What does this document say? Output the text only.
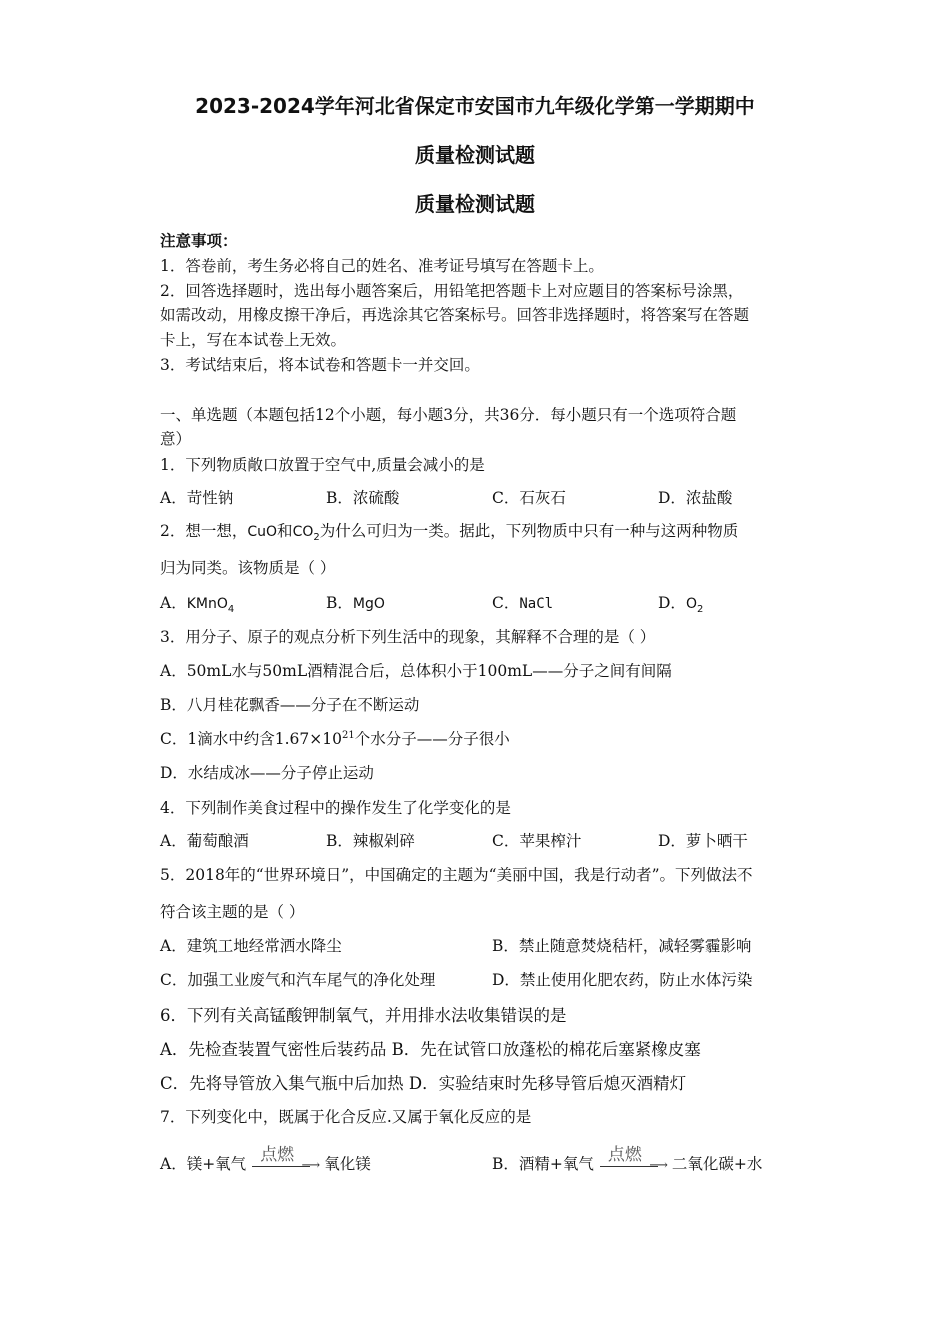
2023-2024学年河北省保定市安国市九年级化学第一学期期中
质量检测试题
质量检测试题
注意事项：
1．答卷前，考生务必将自己的姓名、准考证号填写在答题卡上。
2．回答选择题时，选出每小题答案后，用铅笔把答题卡上对应题目的答案标号涂黑，
如需改动，用橡皮擦干净后，再选涂其它答案标号。回答非选择题时，将答案写在答题
卡上，写在本试卷上无效。
3．考试结束后，将本试卷和答题卡一并交回。
一、单选题（本题包括12个小题，每小题3分，共36分．每小题只有一个选项符合题
意）
1．下列物质敞口放置于空气中,质量会减小的是
A．苛性钠	B．浓硫酸	C．石灰石	D．浓盐酸
2．想一想，CuO和$CO_2$为什么可归为一类。据此，下列物质中只有一种与这两种物质
归为同类。该物质是（ ）
A．KMnO$_4$	B．MgO	C．NaCl	D．$O_2$
3．用分子、原子的观点分析下列生活中的现象，其解释不合理的是（ ）
A．50mL水与50mL酒精混合后，总体积小于100mL——分子之间有间隔
B．八月桂花飘香——分子在不断运动
C．1滴水中约含$1.67\times 10^{21}$个水分子——分子很小
D．水结成冰——分子停止运动
4．下列制作美食过程中的操作发生了化学变化的是
A．葡萄酿酒	B．辣椒剁碎	C．苹果榨汁	D．萝卜晒干
5．2018年的“世界环境日”，中国确定的主题为“美丽中国，我是行动者”。下列做法不
符合该主题的是（ ）
A．建筑工地经常洒水降尘	B．禁止随意焚烧秸杆，减轻雾霾影响
C．加强工业废气和汽车尾气的净化处理	D．禁止使用化肥农药，防止水体污染
6．下列有关高锰酸钾制氧气，并用排水法收集错误的是
A．先检查装置气密性后装药品 B．先在试管口放蓬松的棉花后塞紧橡皮塞
C．先将导管放入集气瓶中后加热 D．实验结束时先移导管后熄灭酒精灯
7．下列变化中，既属于化合反应.又属于氧化反应的是
A．镁+氧气 点燃
⟶ 氧化镁	B．酒精+氧气 点燃
⟶ 二氧化碳+水
